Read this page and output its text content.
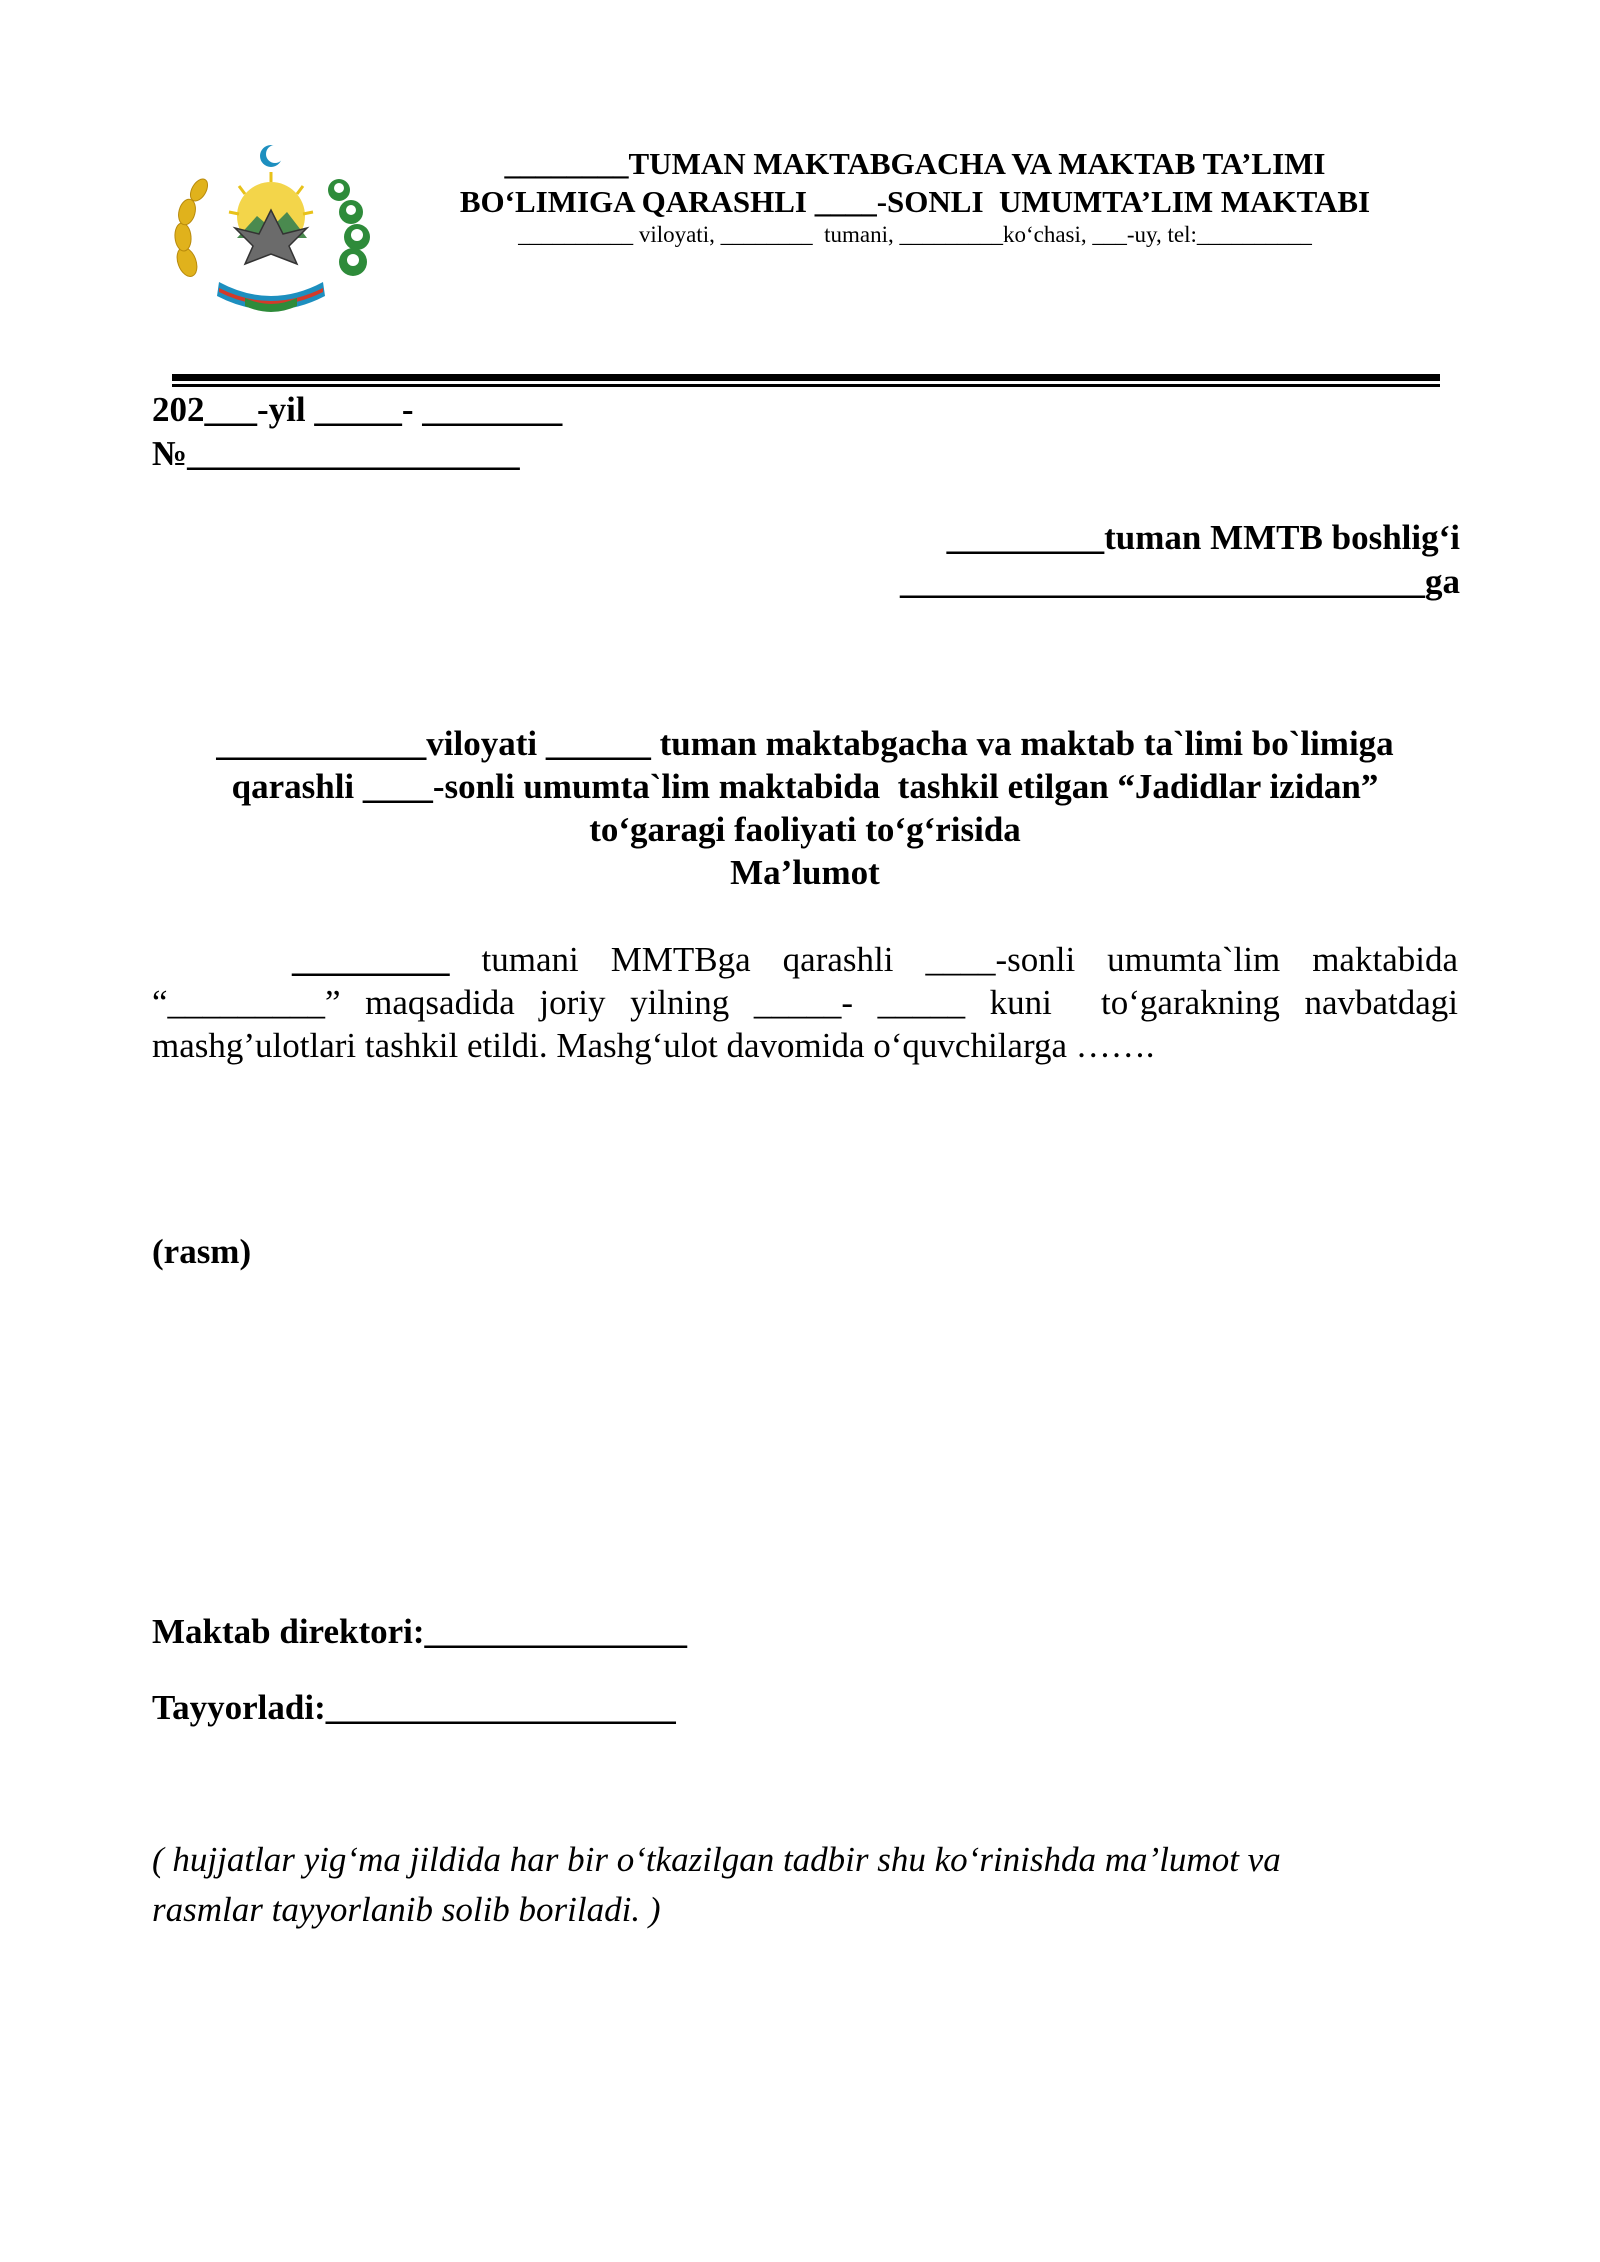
________TUMAN MAKTABGACHA VA MAKTAB TA’LIMI
BO‘LIMIGA QARASHLI ____-SONLI  UMUMTA’LIM MAKTABI
__________ viloyati, ________  tumani, _________ko‘chasi, ___-uy, tel:__________
202___-yil _____- ________
№___________________
_________tuman MMTB boshlig‘i
______________________________ga
____________viloyati ______ tuman maktabgacha va maktab ta`limi bo`limiga
qarashli ____-sonli umumta`lim maktabida  tashkil etilgan “Jadidlar izidan”
to‘garagi faoliyati to‘g‘risida
Ma’lumot
_________ tumani MMTBga qarashli ____-sonli umumta`lim maktabida
“_________” maqsadida joriy yilning _____- _____ kuni  to‘garakning navbatdagi
mashg’ulotlari tashkil etildi. Mashg‘ulot davomida o‘quvchilarga …….
(rasm)
Maktab direktori:_______________
Tayyorladi:____________________
( hujjatlar yig‘ma jildida har bir o‘tkazilgan tadbir shu ko‘rinishda ma’lumot va
rasmlar tayyorlanib solib boriladi. )
